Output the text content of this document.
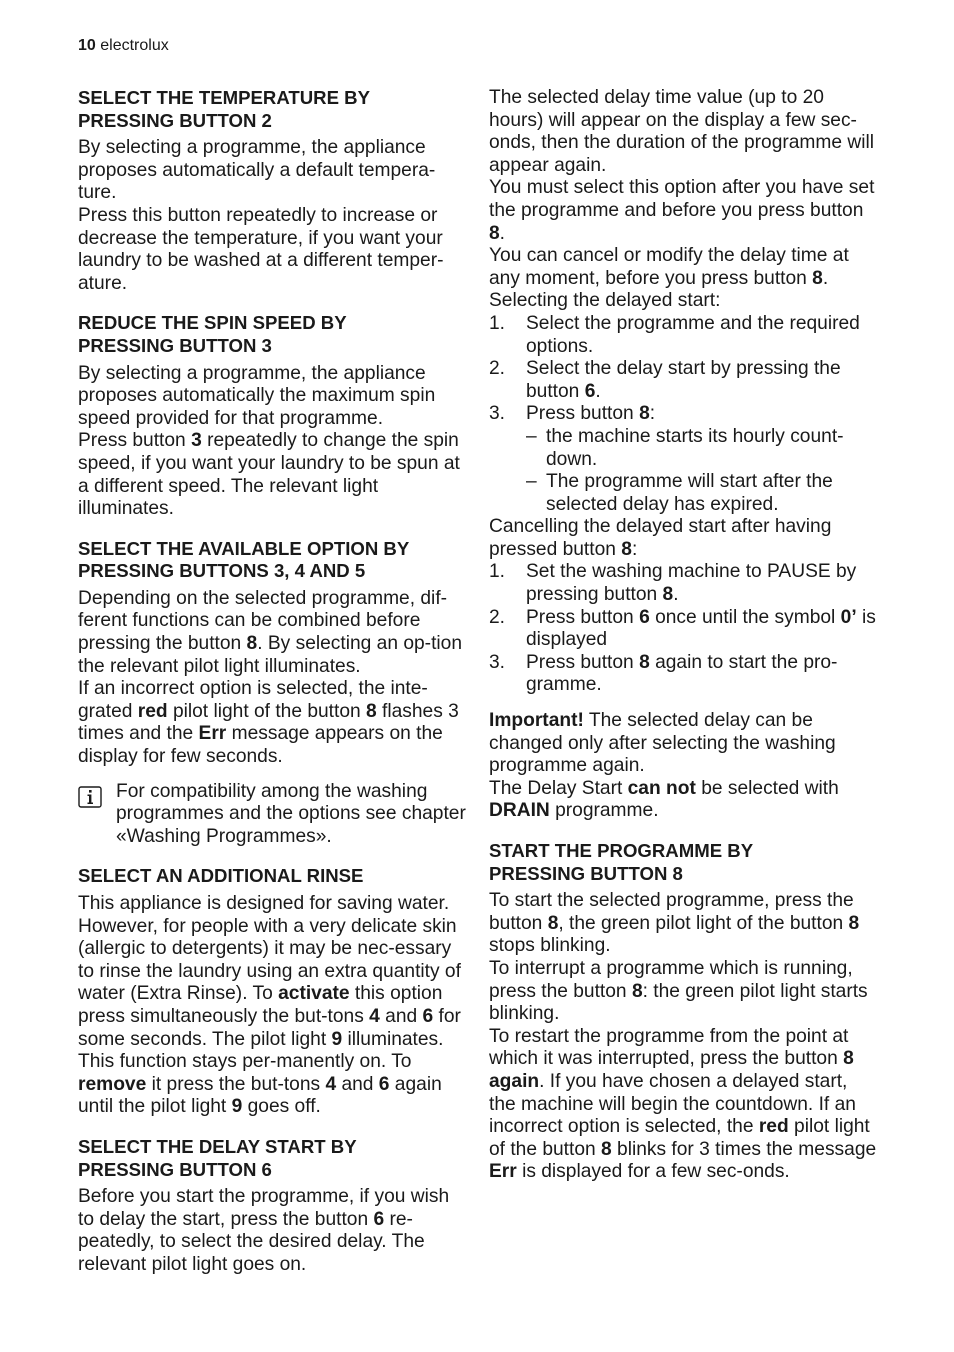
10 electrolux
SELECT THE TEMPERATURE BY
PRESSING BUTTON 2

By selecting a programme, the appliance proposes automatically a default tempera-ture.

Press this button repeatedly to increase or decrease the temperature, if you want your laundry to be washed at a different temper-ature.

REDUCE THE SPIN SPEED BY
PRESSING BUTTON 3

By selecting a programme, the appliance proposes automatically the maximum spin speed provided for that programme.

Press button 3 repeatedly to change the spin speed, if you want your laundry to be spun at a different speed. The relevant light illuminates.

SELECT THE AVAILABLE OPTION BY
PRESSING BUTTONS 3, 4 AND 5

Depending on the selected programme, dif-ferent functions can be combined before pressing the button 8. By selecting an op-tion the relevant pilot light illuminates.

If an incorrect option is selected, the inte-grated red pilot light of the button 8 flashes 3 times and the Err message appears on the display for few seconds.

For compatibility among the washing programmes and the options see chapter «Washing Programmes».
SELECT AN ADDITIONAL RINSE

This appliance is designed for saving water. However, for people with a very delicate skin (allergic to detergents) it may be nec-essary to rinse the laundry using an extra quantity of water (Extra Rinse). To activate this option press simultaneously the but-tons 4 and 6 for some seconds. The pilot light 9 illuminates. This function stays per-manently on. To remove it press the but-tons 4 and 6 again until the pilot light 9 goes off.

SELECT THE DELAY START BY
PRESSING BUTTON 6

Before you start the programme, if you wish to delay the start, press the button 6 re-peatedly, to select the desired delay. The relevant pilot light goes on.

The selected delay time value (up to 20 hours) will appear on the display a few sec-onds, then the duration of the programme will appear again.

You must select this option after you have set the programme and before you press button 8.

You can cancel or modify the delay time at any moment, before you press button 8.

Selecting the delayed start:

1. Select the programme and the required options.
2. Select the delay start by pressing the button 6.
3. Press button 8:
– the machine starts its hourly count-down.
– The programme will start after the selected delay has expired.

Cancelling the delayed start after having pressed button 8:

1. Set the washing machine to PAUSE by pressing button 8.
2. Press button 6 once until the symbol 0’ is displayed
3. Press button 8 again to start the pro-gramme.

Important! The selected delay can be changed only after selecting the washing programme again.

The Delay Start can not be selected with DRAIN programme.

START THE PROGRAMME BY
PRESSING BUTTON 8

To start the selected programme, press the button 8, the green pilot light of the button 8 stops blinking.

To interrupt a programme which is running, press the button 8: the green pilot light starts blinking.

To restart the programme from the point at which it was interrupted, press the button 8 again. If you have chosen a delayed start, the machine will begin the countdown. If an incorrect option is selected, the red pilot light of the button 8 blinks for 3 times the message Err is displayed for a few sec-onds.
